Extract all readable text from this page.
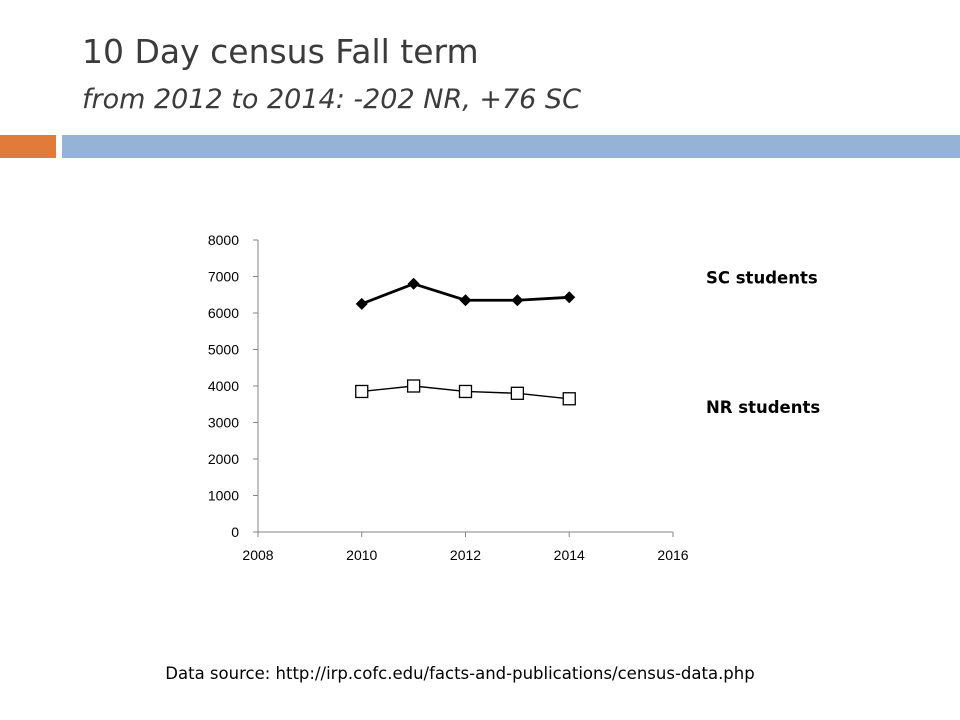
10 Day census Fall term
from 2012 to 2014: -202 NR, +76 SC
0
1000
2000
3000
4000
5000
6000
7000
8000
2008	2010	2012	2014	2016
SC students
NR students
Data source: http://irp.cofc.edu/facts-and-publications/census-data.php
